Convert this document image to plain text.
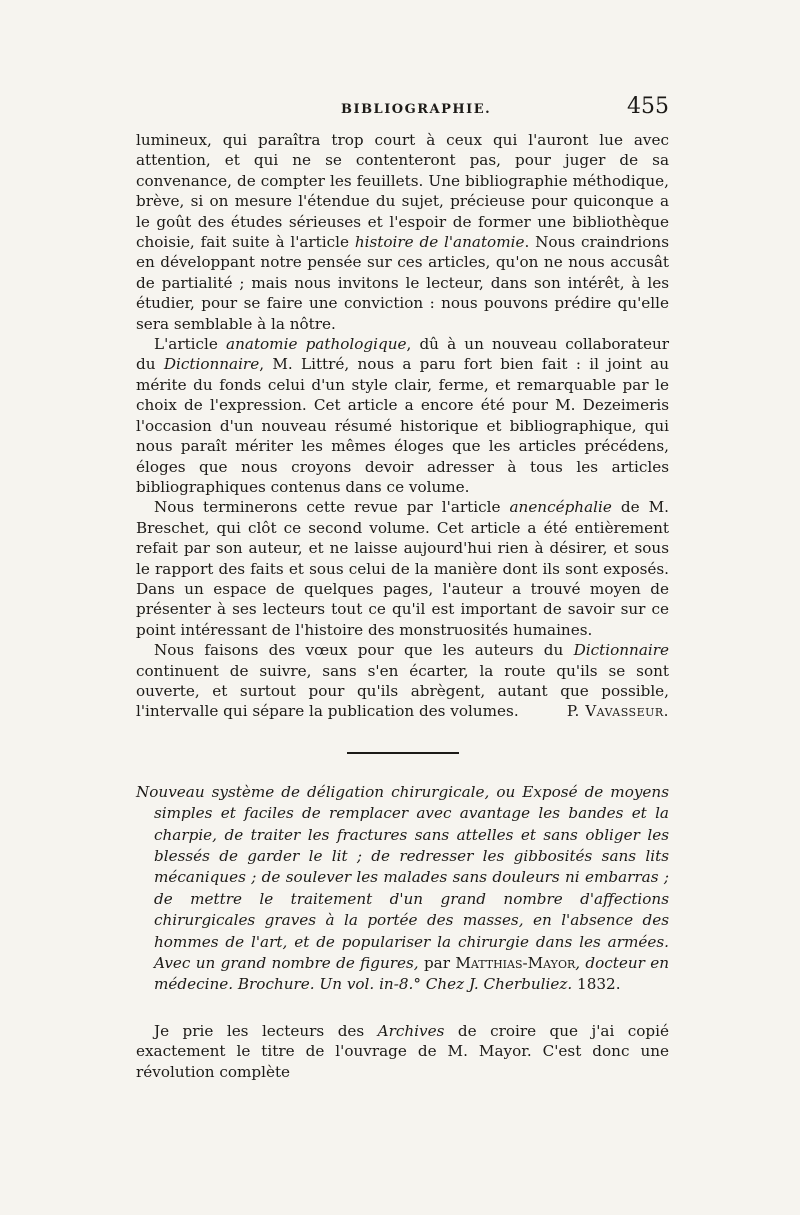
BIBLIOGRAPHIE.	455

lumineux, qui paraîtra trop court à ceux qui l'auront lue avec attention, et qui ne se contenteront pas, pour juger de sa convenance, de compter les feuillets. Une bibliographie méthodique, brève, si on mesure l'étendue du sujet, précieuse pour quiconque a le goût des études sérieuses et l'espoir de former une bibliothèque choisie, fait suite à l'article histoire de l'anatomie. Nous craindrions en développant notre pensée sur ces articles, qu'on ne nous accusât de partialité ; mais nous invitons le lecteur, dans son intérêt, à les étudier, pour se faire une conviction : nous pouvons prédire qu'elle sera semblable à la nôtre.

L'article anatomie pathologique, dû à un nouveau collaborateur du Dictionnaire, M. Littré, nous a paru fort bien fait : il joint au mérite du fonds celui d'un style clair, ferme, et remarquable par le choix de l'expression. Cet article a encore été pour M. Dezeimeris l'occasion d'un nouveau résumé historique et bibliographique, qui nous paraît mériter les mêmes éloges que les articles précédens, éloges que nous croyons devoir adresser à tous les articles bibliographiques contenus dans ce volume.

Nous terminerons cette revue par l'article anencéphalie de M. Breschet, qui clôt ce second volume. Cet article a été entièrement refait par son auteur, et ne laisse aujourd'hui rien à désirer, et sous le rapport des faits et sous celui de la manière dont ils sont exposés. Dans un espace de quelques pages, l'auteur a trouvé moyen de présenter à ses lecteurs tout ce qu'il est important de savoir sur ce point intéressant de l'histoire des monstruosités humaines.

Nous faisons des vœux pour que les auteurs du Dictionnaire continuent de suivre, sans s'en écarter, la route qu'ils se sont ouverte, et surtout pour qu'ils abrègent, autant que possible, l'intervalle qui sépare la publication des volumes.	P. Vavasseur.

Nouveau système de déligation chirurgicale, ou Exposé de moyens simples et faciles de remplacer avec avantage les bandes et la charpie, de traiter les fractures sans attelles et sans obliger les blessés de garder le lit ; de redresser les gibbosités sans lits mécaniques ; de soulever les malades sans douleurs ni embarras ; de mettre le traitement d'un grand nombre d'affections chirurgicales graves à la portée des masses, en l'absence des hommes de l'art, et de populariser la chirurgie dans les armées. Avec un grand nombre de figures, par Matthias-Mayor, docteur en médecine. Brochure. Un vol. in-8.° Chez J. Cherbuliez. 1832.

Je prie les lecteurs des Archives de croire que j'ai copié exactement le titre de l'ouvrage de M. Mayor. C'est donc une révolution complète
